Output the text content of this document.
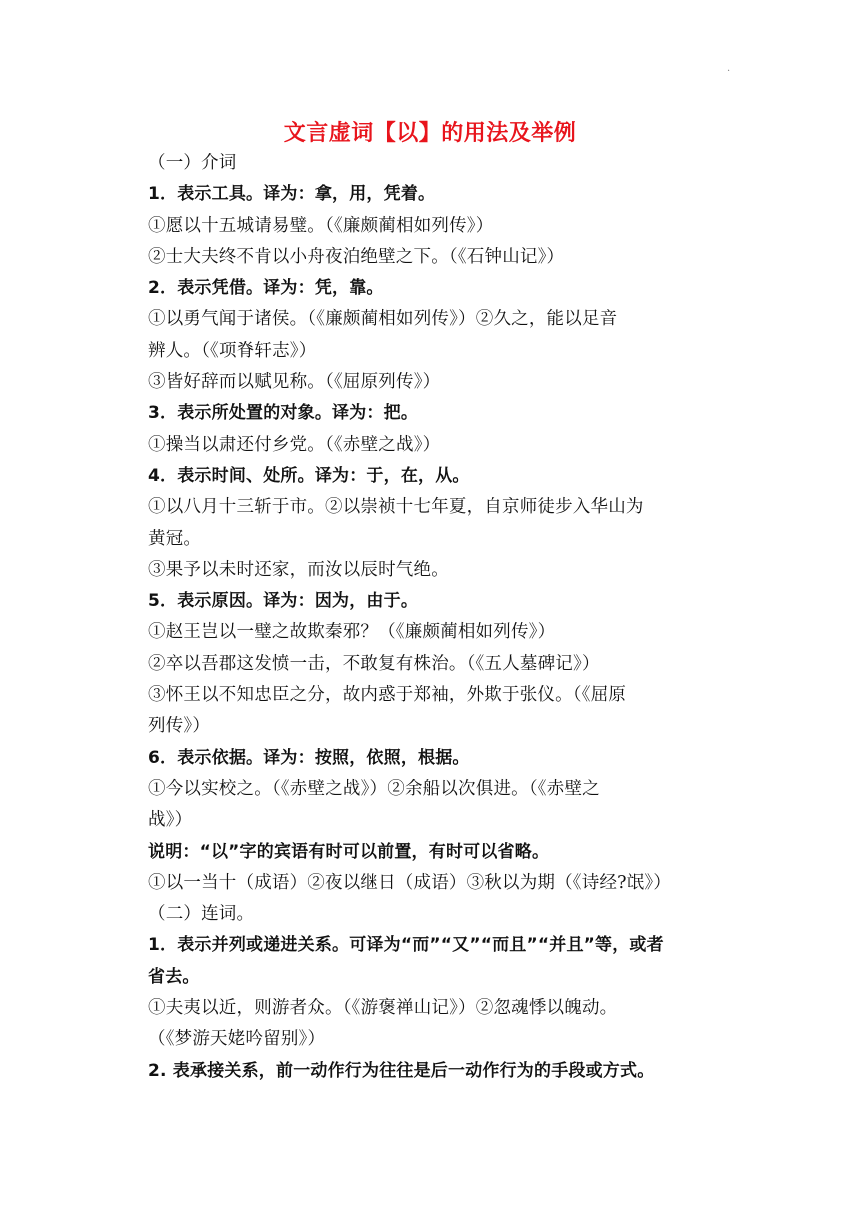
·
文言虚词【以】的用法及举例
（一）介词
1．表示工具。译为：拿，用，凭着。
①愿以十五城请易璧。（《廉颇蔺相如列传》）
②士大夫终不肯以小舟夜泊绝壁之下。（《石钟山记》）
2．表示凭借。译为：凭，靠。
①以勇气闻于诸侯。（《廉颇蔺相如列传》）②久之，能以足音
辨人。（《项脊轩志》）
③皆好辞而以赋见称。（《屈原列传》）
3．表示所处置的对象。译为：把。
①操当以肃还付乡党。（《赤壁之战》）
4．表示时间、处所。译为：于，在，从。
①以八月十三斩于市。②以崇祯十七年夏，自京师徒步入华山为
黄冠。
③果予以未时还家，而汝以辰时气绝。
5．表示原因。译为：因为，由于。
①赵王岂以一璧之故欺秦邪？（《廉颇蔺相如列传》）
②卒以吾郡这发愤一击，不敢复有株治。（《五人墓碑记》）
③怀王以不知忠臣之分，故内惑于郑袖，外欺于张仪。（《屈原
列传》）
6．表示依据。译为：按照，依照，根据。
①今以实校之。（《赤壁之战》）②余船以次俱进。（《赤壁之
战》）
说明：“以”字的宾语有时可以前置，有时可以省略。
①以一当十（成语）②夜以继日（成语）③秋以为期（《诗经?氓》）
（二）连词。
1．表示并列或递进关系。可译为“而”“又”“而且”“并且”等，或者
省去。
①夫夷以近，则游者众。（《游褒禅山记》）②忽魂悸以魄动。
（《梦游天姥吟留别》）
2. 表承接关系，前一动作行为往往是后一动作行为的手段或方式。
